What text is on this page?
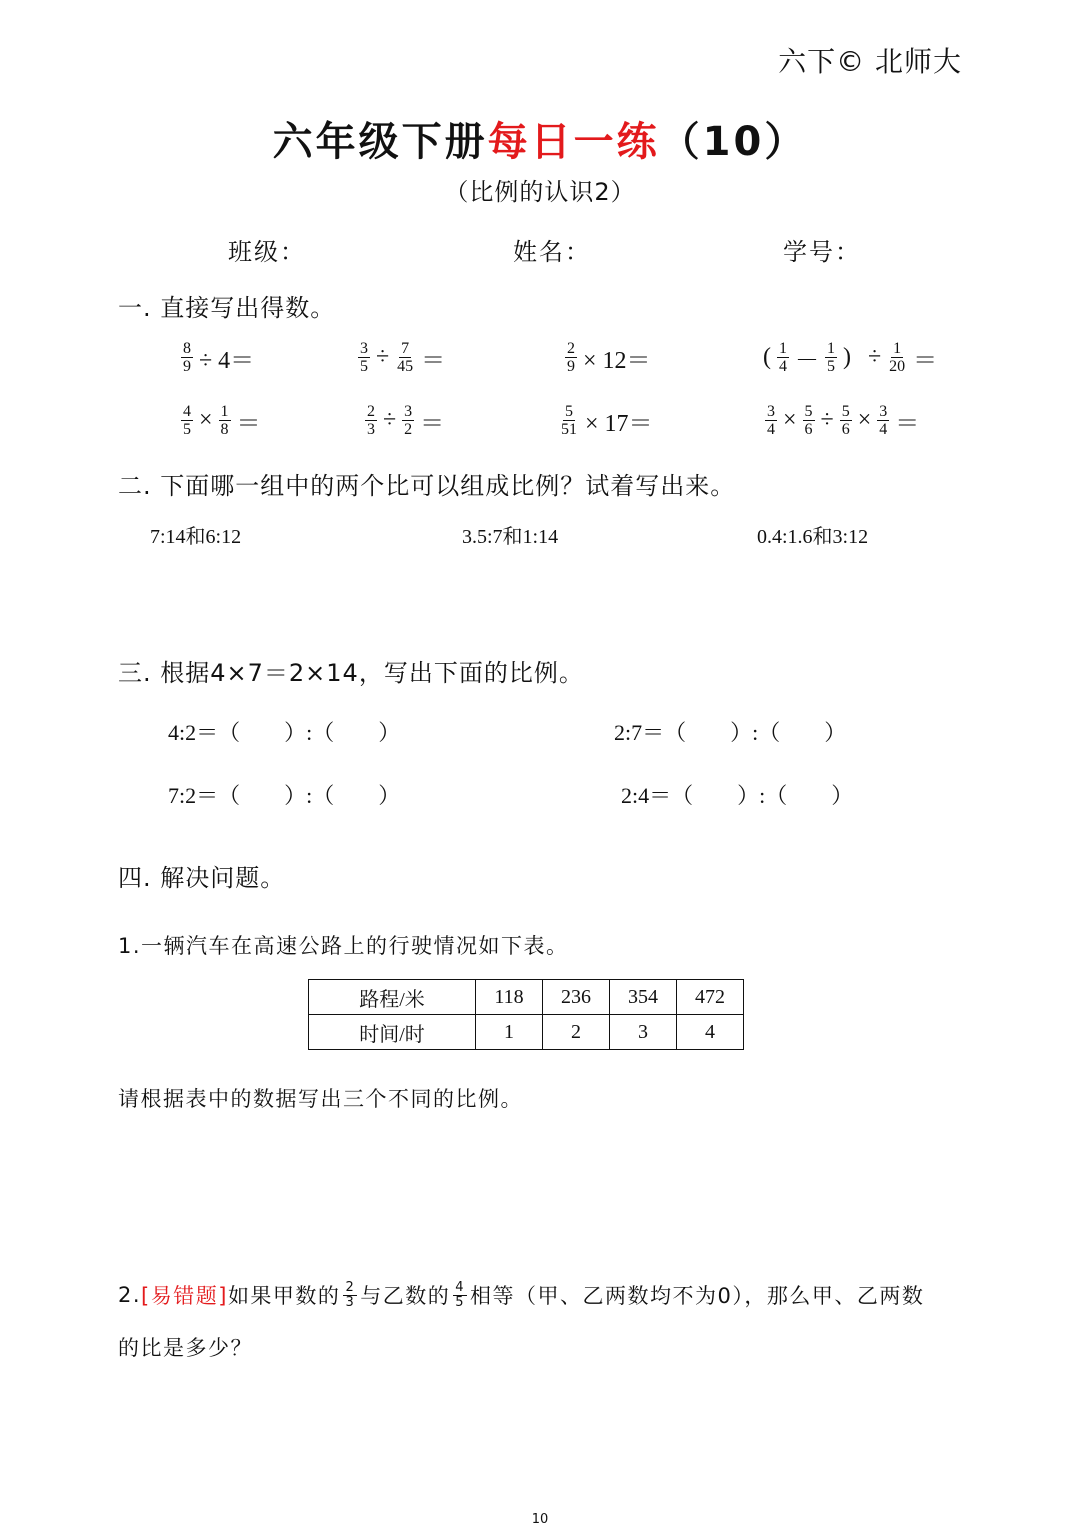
六下© 北师大
六年级下册每日一练（10）
（比例的认识2）
班级：	姓名：	学号：
一. 直接写出得数。
$\frac{8}{9} \div 4=$	$\frac{3}{5} \div \frac{7}{45}$ ＝	$\frac{2}{9} \times 12=$	( $\frac{1}{4} - \frac{1}{5}$ ) ÷ $\frac{1}{20}$ ＝
$\frac{4}{5} \times \frac{1}{8}$ ＝	$\frac{2}{3} \div \frac{3}{2}$ ＝	$\frac{5}{51} \times 17=$	$\frac{3}{4} \times \frac{5}{6} \div \frac{5}{6} \times \frac{3}{4}$ ＝
二. 下面哪一组中的两个比可以组成比例？试着写出来。
7:14和6:12	3.5:7和1:14	0.4:1.6和3:12
三. 根据4×7＝2×14，写出下面的比例。
4:2＝（　　）:（　　）	2:7＝（　　）:（　　）
7:2＝（　　）:（　　）	2:4＝（　　）:（　　）
四. 解决问题。
1.一辆汽车在高速公路上的行驶情况如下表。
路程/米	118	236	354	472
时间/时	1	2	3	4
请根据表中的数据写出三个不同的比例。
2. [易错题] 如果甲数的 $\frac{2}{3}$ 与乙数的 $\frac{4}{5}$ 相等（甲、乙两数均不为0），那么甲、乙两数
的比是多少？
10
